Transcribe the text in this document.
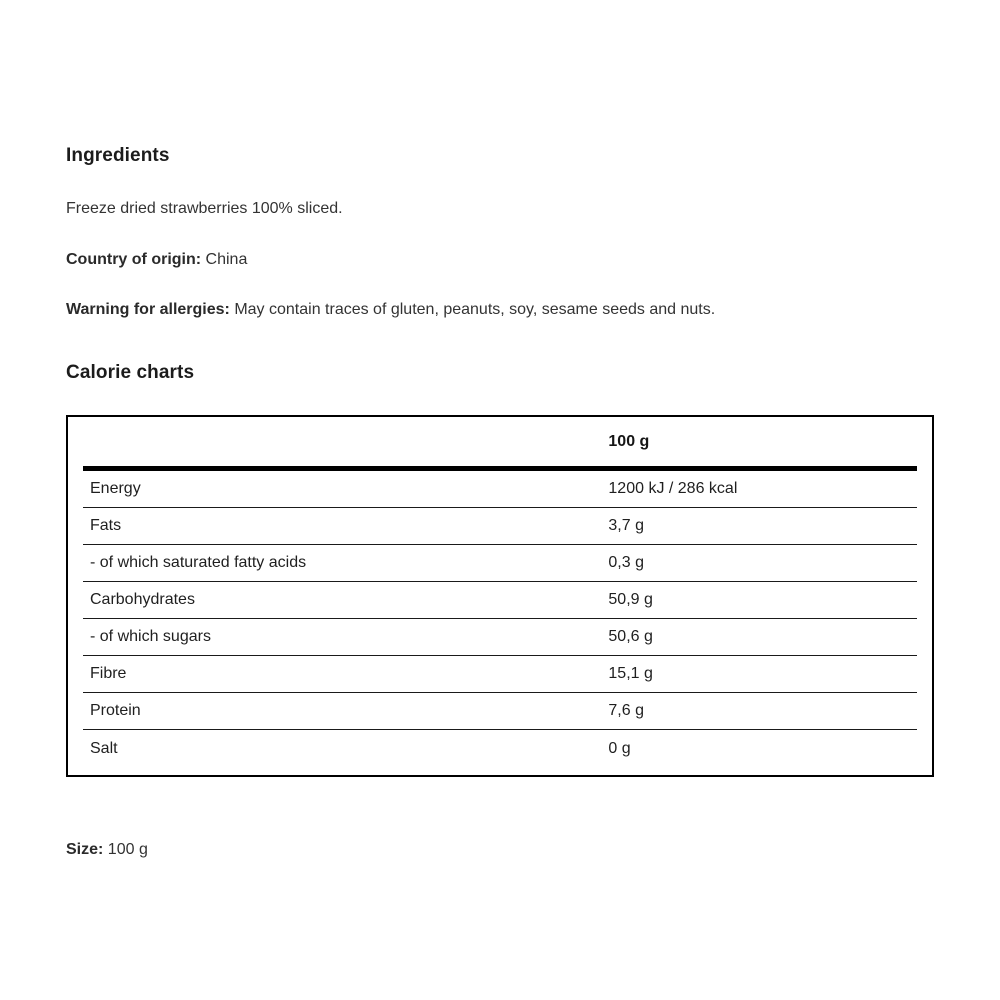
Ingredients

Freeze dried strawberries 100% sliced.

Country of origin: China

Warning for allergies: May contain traces of gluten, peanuts, soy, sesame seeds and nuts.

Calorie charts
100 g
Energy	1200 kJ / 286 kcal
Fats	3,7 g
- of which saturated fatty acids	0,3 g
Carbohydrates	50,9 g
- of which sugars	50,6 g
Fibre	15,1 g
Protein	7,6 g
Salt	0 g

Size: 100 g
